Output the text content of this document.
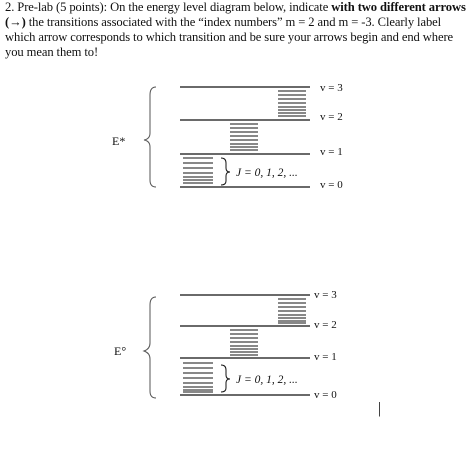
2. Pre-lab (5 points): On the energy level diagram below, indicate with two different arrows (→) the transitions associated with the “index numbers” m = 2 and m = -3. Clearly label which arrow corresponds to which transition and be sure your arrows begin and end where you mean them to!
E*
J = 0, 1, 2, ...
v = 3
v = 2
v = 1
v = 0
E°
J = 0, 1, 2, ...
v = 3
v = 2
v = 1
v = 0
|
